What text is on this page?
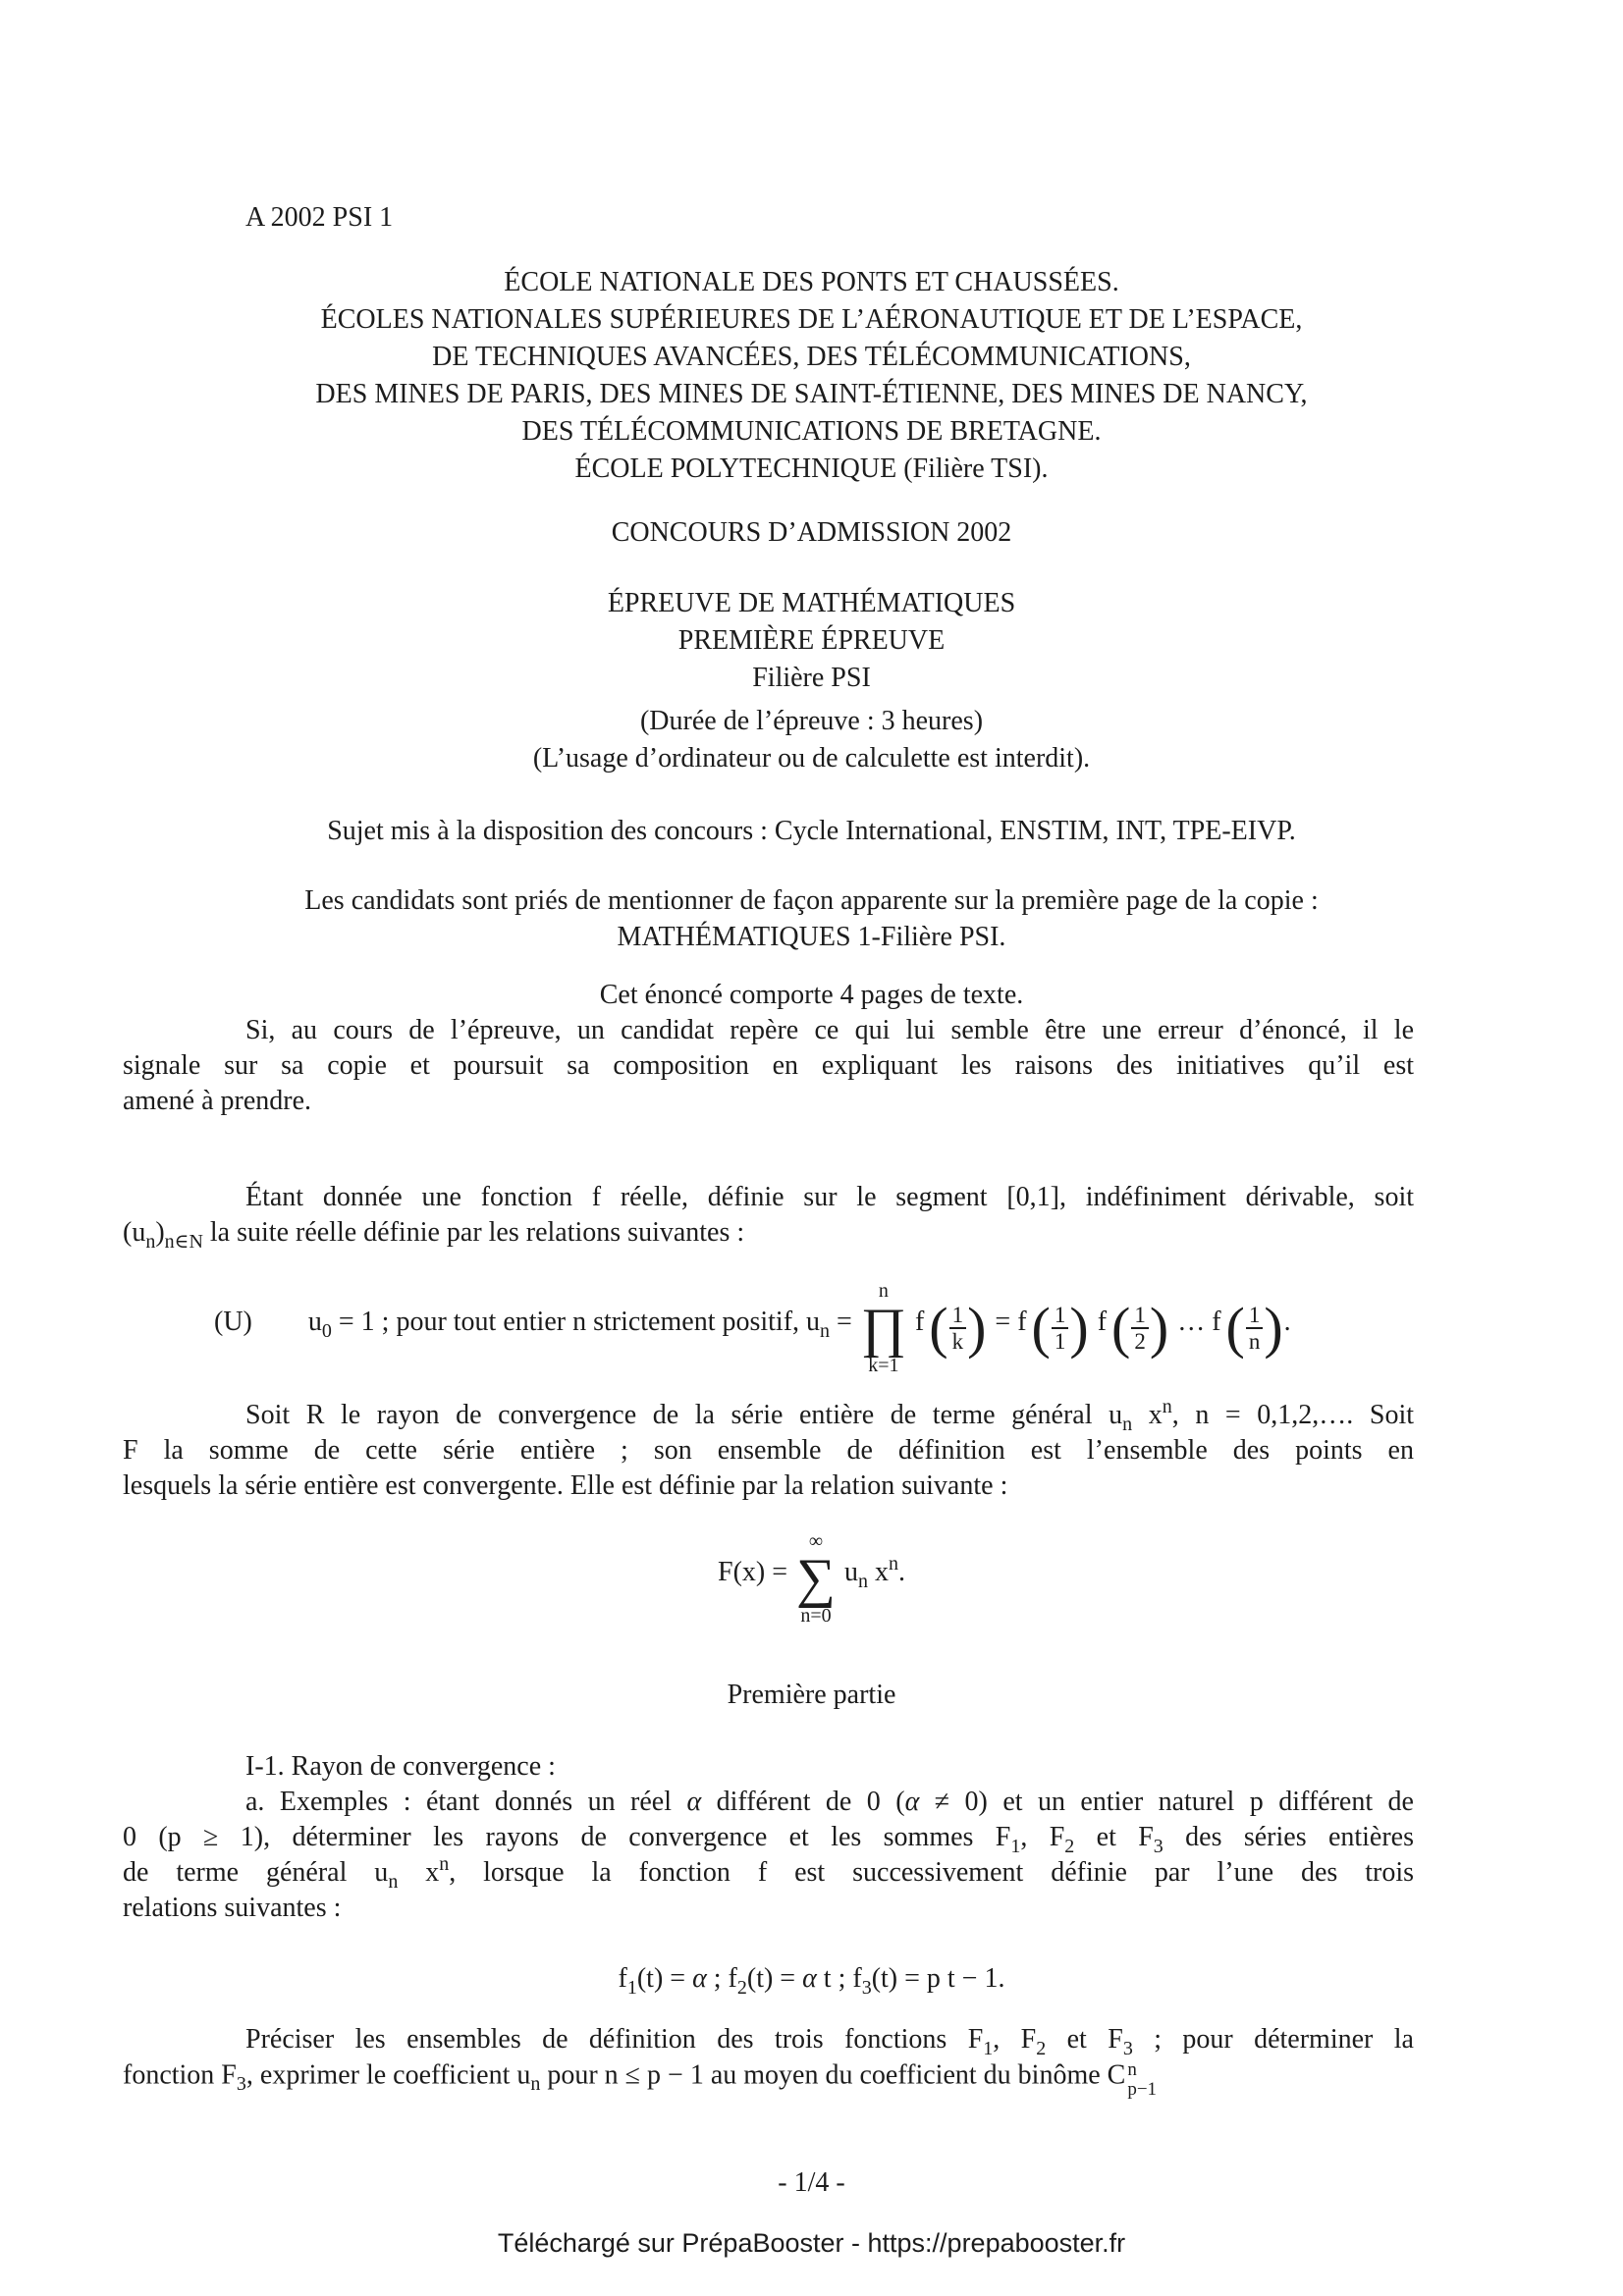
A 2002 PSI 1
ÉCOLE NATIONALE DES PONTS ET CHAUSSÉES.
ÉCOLES NATIONALES SUPÉRIEURES DE L’AÉRONAUTIQUE ET DE L’ESPACE,
DE TECHNIQUES AVANCÉES, DES TÉLÉCOMMUNICATIONS,
DES MINES DE PARIS, DES MINES DE SAINT-ÉTIENNE, DES MINES DE NANCY,
DES TÉLÉCOMMUNICATIONS DE BRETAGNE.
ÉCOLE POLYTECHNIQUE (Filière TSI).
CONCOURS D’ADMISSION 2002
ÉPREUVE DE MATHÉMATIQUES
PREMIÈRE ÉPREUVE
Filière PSI
(Durée de l’épreuve : 3 heures)
(L’usage d’ordinateur ou de calculette est interdit).
Sujet mis à la disposition des concours : Cycle International, ENSTIM, INT, TPE-EIVP.
Les candidats sont priés de mentionner de façon apparente sur la première page de la copie :
MATHÉMATIQUES 1-Filière PSI.
Cet énoncé comporte 4 pages de texte.
Si, au cours de l’épreuve, un candidat repère ce qui lui semble être une erreur d’énoncé, il le
signale sur sa copie et poursuit sa composition en expliquant les raisons des initiatives qu’il est
amené à prendre.
Étant donnée une fonction f réelle, définie sur le segment [0,1], indéfiniment dérivable, soit
$(u_n)_{n\in N}$ la suite réelle définie par les relations suivantes :
(U) $u_0 = 1$ ; pour tout entier n strictement positif, $u_n$ =
n
∏
k=1
f ( $\frac{1}{k}$ ) = f ( $\frac{1}{1}$ ) f ( $\frac{1}{2}$ ) … f ( $\frac{1}{n}$ ) .
Soit R le rayon de convergence de la série entière de terme général $u_n$ $x^n$, n = 0,1,2,…. Soit
F la somme de cette série entière ; son ensemble de définition est l’ensemble des points en
lesquels la série entière est convergente. Elle est définie par la relation suivante :
F(x) =
∞
∑
n=0
$u_n$ $x^n$.
Première partie
I-1. Rayon de convergence :
a. Exemples : étant donnés un réel α différent de 0 (α ≠ 0) et un entier naturel p différent de
0 (p ≥ 1), déterminer les rayons de convergence et les sommes $F_1$, $F_2$ et $F_3$ des séries entières
de terme général $u_n$ $x^n$, lorsque la fonction f est successivement définie par l’une des trois
relations suivantes :
$f_1(t) = \alpha$ ; $f_2(t) = \alpha$ t ; $f_3(t) = p$ t − 1.
Préciser les ensembles de définition des trois fonctions $F_1$, $F_2$ et $F_3$ ; pour déterminer la
fonction $F_3$, exprimer le coefficient $u_n$ pour n ≤ p − 1 au moyen du coefficient du binôme C n
p−1
- 1/4 -
Téléchargé sur PrépaBooster - https://prepabooster.fr
